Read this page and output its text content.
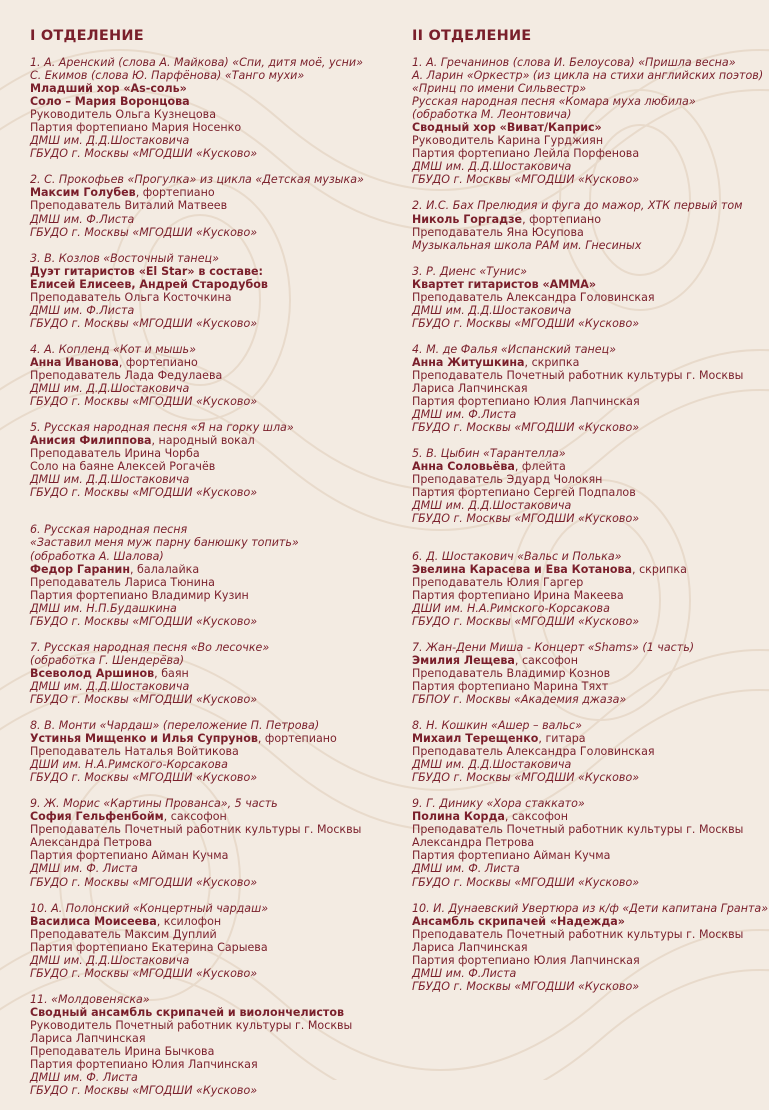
I ОТДЕЛЕНИЕ
1. А. Аренский (слова А. Майкова) «Спи, дитя моё, усни»
С. Екимов (слова Ю. Парфёнова) «Танго мухи»
Младший хор «As-соль»
Солo – Мария Воронцова
Руководитель Ольга Кузнецова
Партия фортепиано Мария Носенко
ДМШ им. Д.Д.Шостаковича
ГБУДО г. Москвы «МГОДШИ «Кусково»
2. С. Прокофьев «Прогулка» из цикла «Детская музыка»
Максим Голубев, фортепиано
Преподаватель Виталий Матвеев
ДМШ им. Ф.Листа
ГБУДО г. Москвы «МГОДШИ «Кусково»
3. В. Козлов «Восточный танец»
Дуэт гитаристов «El Star» в составе:
Елисей Елисеев, Андрей Стародубов
Преподаватель Ольга Косточкина
ДМШ им. Ф.Листа
ГБУДО г. Москвы «МГОДШИ «Кусково»
4. А. Копленд «Кот и мышь»
Анна Иванова, фортепиано
Преподаватель Лада Федулаева
ДМШ им. Д.Д.Шостаковича
ГБУДО г. Москвы «МГОДШИ «Кусково»
5. Русская народная песня «Я на горку шла»
Анисия Филиппова, народный вокал
Преподаватель Ирина Чорба
Соло на баяне Алексей Рогачёв
ДМШ им. Д.Д.Шостаковича
ГБУДО г. Москвы «МГОДШИ «Кусково»
6. Русская народная песня
«Заставил меня муж парну банюшку топить»
(обработка А. Шалова)
Федор Гаранин, балалайка
Преподаватель Лариса Тюнина
Партия фортепиано Владимир Кузин
ДМШ им. Н.П.Будашкина
ГБУДО г. Москвы «МГОДШИ «Кусково»
7. Русская народная песня «Во лесочке»
(обработка Г. Шендерёва)
Всеволод Аршинов, баян
ДМШ им. Д.Д.Шостаковича
ГБУДО г. Москвы «МГОДШИ «Кусково»
8. В. Монти «Чардаш» (переложение П. Петрова)
Устинья Мищенко и Илья Супрунов, фортепиано
Преподаватель Наталья Войтикова
ДШИ им. Н.А.Римского-Корсакова
ГБУДО г. Москвы «МГОДШИ «Кусково»
9. Ж. Морис «Картины Прованса», 5 часть
София Гельфенбойм, саксофон
Преподаватель Почетный работник культуры г. Москвы
Александра Петрова
Партия фортепиано Айман Кучма
ДМШ им. Ф. Листа
ГБУДО г. Москвы «МГОДШИ «Кусково»
10. А. Полонский «Концертный чардаш»
Василиса Моисеева, ксилофон
Преподаватель Максим Дуплий
Партия фортепиано Екатерина Сарыева
ДМШ им. Д.Д.Шостаковича
ГБУДО г. Москвы «МГОДШИ «Кусково»
11. «Молдовеняска»
Сводный ансамбль скрипачей и виолончелистов
Руководитель Почетный работник культуры г. Москвы
Лариса Лапчинская
Преподаватель Ирина Бычкова
Партия фортепиано Юлия Лапчинская
ДМШ им. Ф. Листа
ГБУДО г. Москвы «МГОДШИ «Кусково»
II ОТДЕЛЕНИЕ
1. А. Гречанинов (слова И. Белоусова) «Пришла весна»
А. Ларин «Оркестр» (из цикла на стихи английских поэтов)
«Принц по имени Сильвестр»
Русская народная песня «Комара муха любила»
(обработка М. Леонтовича)
Сводный хор «Виват/Каприс»
Руководитель Карина Гурджиян
Партия фортепиано Лейла Порфенова
ДМШ им. Д.Д.Шостаковича
ГБУДО г. Москвы «МГОДШИ «Кусково»
2. И.С. Бах Прелюдия и фуга до мажор, ХТК первый том
Николь Горгадзе, фортепиано
Преподаватель Яна Юсупова
Музыкальная школа РАМ им. Гнесиных
3. Р. Диенс «Тунис»
Квартет гитаристов «АММА»
Преподаватель Александра Головинская
ДМШ им. Д.Д.Шостаковича
ГБУДО г. Москвы «МГОДШИ «Кусково»
4. М. де Фалья «Испанский танец»
Анна Житушкина, скрипка
Преподаватель Почетный работник культуры г. Москвы
Лариса Лапчинская
Партия фортепиано Юлия Лапчинская
ДМШ им. Ф.Листа
ГБУДО г. Москвы «МГОДШИ «Кусково»
5. В. Цыбин «Тарантелла»
Анна Соловьёва, флейта
Преподаватель Эдуард Чолокян
Партия фортепиано Сергей Подпалов
ДМШ им. Д.Д.Шостаковича
ГБУДО г. Москвы «МГОДШИ «Кусково»
6. Д. Шостакович «Вальс и Полька»
Эвелина Карасева и Ева Котанова, скрипка
Преподаватель Юлия Гаргер
Партия фортепиано Ирина Макеева
ДШИ им. Н.А.Римского-Корсакова
ГБУДО г. Москвы «МГОДШИ «Кусково»
7. Жан-Дени Миша - Концерт «Shams» (1 часть)
Эмилия Лещева, саксофон
Преподаватель Владимир Кознов
Партия фортепиано Марина Тяхт
ГБПОУ г. Москвы «Академия джаза»
8. Н. Кошкин «Ашер – вальс»
Михаил Терещенко, гитара
Преподаватель Александра Головинская
ДМШ им. Д.Д.Шостаковича
ГБУДО г. Москвы «МГОДШИ «Кусково»
9. Г. Динику «Хора стаккато»
Полина Корда, саксофон
Преподаватель Почетный работник культуры г. Москвы
Александра Петрова
Партия фортепиано Айман Кучма
ДМШ им. Ф. Листа
ГБУДО г. Москвы «МГОДШИ «Кусково»
10. И. Дунаевский Увертюра из к/ф «Дети капитана Гранта»
Ансамбль скрипачей «Надежда»
Преподаватель Почетный работник культуры г. Москвы
Лариса Лапчинская
Партия фортепиано Юлия Лапчинская
ДМШ им. Ф.Листа
ГБУДО г. Москвы «МГОДШИ «Кусково»
